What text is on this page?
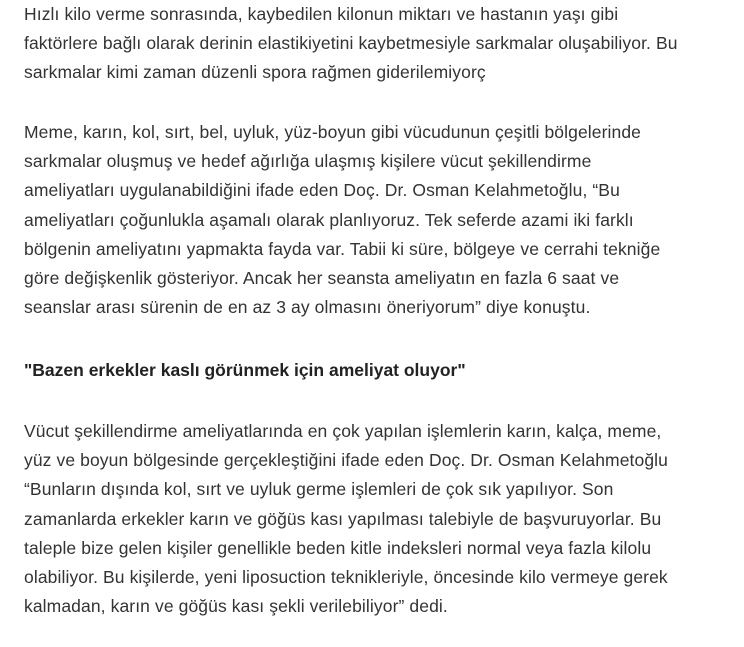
Hızlı kilo verme sonrasında, kaybedilen kilonun miktarı ve hastanın yaşı gibi
faktörlere bağlı olarak derinin elastikiyetini kaybetmesiyle sarkmalar oluşabiliyor. Bu
sarkmalar kimi zaman düzenli spora rağmen giderilemiyorç

Meme, karın, kol, sırt, bel, uyluk, yüz-boyun gibi vücudunun çeşitli bölgelerinde
sarkmalar oluşmuş ve hedef ağırlığa ulaşmış kişilere vücut şekillendirme
ameliyatları uygulanabildiğini ifade eden Doç. Dr. Osman Kelahmetoğlu, “Bu
ameliyatları çoğunlukla aşamalı olarak planlıyoruz. Tek seferde azami iki farklı
bölgenin ameliyatını yapmakta fayda var. Tabii ki süre, bölgeye ve cerrahi tekniğe
göre değişkenlik gösteriyor. Ancak her seansta ameliyatın en fazla 6 saat ve
seanslar arası sürenin de en az 3 ay olmasını öneriyorum” diye konuştu.

"Bazen erkekler kaslı görünmek için ameliyat oluyor"

Vücut şekillendirme ameliyatlarında en çok yapılan işlemlerin karın, kalça, meme,
yüz ve boyun bölgesinde gerçekleştiğini ifade eden Doç. Dr. Osman Kelahmetoğlu
“Bunların dışında kol, sırt ve uyluk germe işlemleri de çok sık yapılıyor. Son
zamanlarda erkekler karın ve göğüs kası yapılması talebiyle de başvuruyorlar. Bu
taleple bize gelen kişiler genellikle beden kitle indeksleri normal veya fazla kilolu
olabiliyor. Bu kişilerde, yeni liposuction teknikleriyle, öncesinde kilo vermeye gerek
kalmadan, karın ve göğüs kası şekli verilebiliyor” dedi.
